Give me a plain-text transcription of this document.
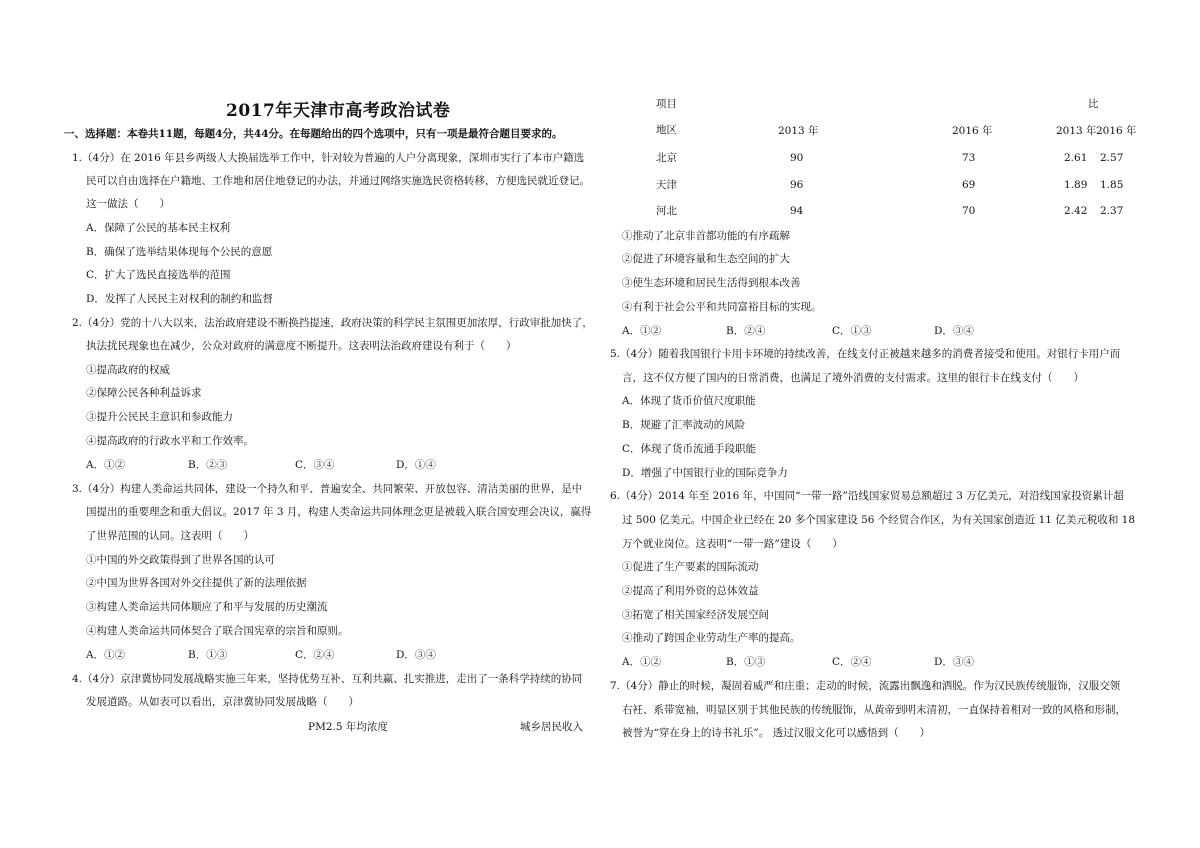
2017年天津市高考政治试卷
一、选择题：本卷共11题，每题4分，共44分。在每题给出的四个选项中，只有一项是最符合题目要求的。
1.（4分）在 2016 年县乡两级人大换届选举工作中，针对较为普遍的人户分离现象，深圳市实行了本市户籍选
民可以自由选择在户籍地、工作地和居住地登记的办法，并通过网络实施选民资格转移，方便选民就近登记。
这一做法（　　）
A．保障了公民的基本民主权利
B．确保了选举结果体现每个公民的意愿
C．扩大了选民直接选举的范围
D．发挥了人民民主对权利的制约和监督
2.（4分）党的十八大以来，法治政府建设不断换挡提速，政府决策的科学民主氛围更加浓厚，行政审批加快了，
执法扰民现象也在减少，公众对政府的满意度不断提升。这表明法治政府建设有利于（　　）
①提高政府的权威
②保障公民各种利益诉求
③提升公民民主意识和参政能力
④提高政府的行政水平和工作效率。
A．①②	B．②③	C．③④	D．①④
3.（4分）构建人类命运共同体，建设一个持久和平、普遍安全、共同繁荣、开放包容、清洁美丽的世界，是中
国提出的重要理念和重大倡议。2017 年 3 月，构建人类命运共同体理念更是被载入联合国安理会决议，赢得
了世界范围的认同。这表明（　　）
①中国的外交政策得到了世界各国的认可
②中国为世界各国对外交往提供了新的法理依据
③构建人类命运共同体顺应了和平与发展的历史潮流
④构建人类命运共同体契合了联合国宪章的宗旨和原则。
A．①②	B．①③	C．②④	D．③④
4.（4分）京津冀协同发展战略实施三年来，坚持优势互补、互利共赢、扎实推进，走出了一条科学持续的协同
发展道路。从如表可以看出，京津冀协同发展战略（　　）
PM2.5 年均浓度	城乡居民收入
项目	比
地区	2013 年	2016 年	2013 年 2016 年
北京	90	73	2.61 2.57
天津	96	69	1.89 1.85
河北	94	70	2.42 2.37
①推动了北京非首都功能的有序疏解
②促进了环境容量和生态空间的扩大
③使生态环境和居民生活得到根本改善
④有利于社会公平和共同富裕目标的实现。
A．①②	B．②④	C．①③	D．③④
5.（4分）随着我国银行卡用卡环境的持续改善，在线支付正被越来越多的消费者接受和使用。对银行卡用户而
言，这不仅方便了国内的日常消费，也满足了境外消费的支付需求。这里的银行卡在线支付（　　）
A．体现了货币价值尺度职能
B．规避了汇率波动的风险
C．体现了货币流通手段职能
D．增强了中国银行业的国际竞争力
6.（4分）2014 年至 2016 年，中国同“一带一路”沿线国家贸易总额超过 3 万亿美元，对沿线国家投资累计超
过 500 亿美元。中国企业已经在 20 多个国家建设 56 个经贸合作区，为有关国家创造近 11 亿美元税收和 18
万个就业岗位。这表明“一带一路”建设（　　）
①促进了生产要素的国际流动
②提高了利用外资的总体效益
③拓宽了相关国家经济发展空间
④推动了跨国企业劳动生产率的提高。
A．①②	B．①③	C．②④	D．③④
7.（4分）静止的时候，凝固着威严和庄重；走动的时候，流露出飘逸和洒脱。作为汉民族传统服饰，汉服交领
右衽、系带宽袖，明显区别于其他民族的传统服饰，从黄帝到明末清初，一直保持着相对一致的风格和形制，
被誉为“穿在身上的诗书礼乐”。 透过汉服文化可以感悟到（　　）
